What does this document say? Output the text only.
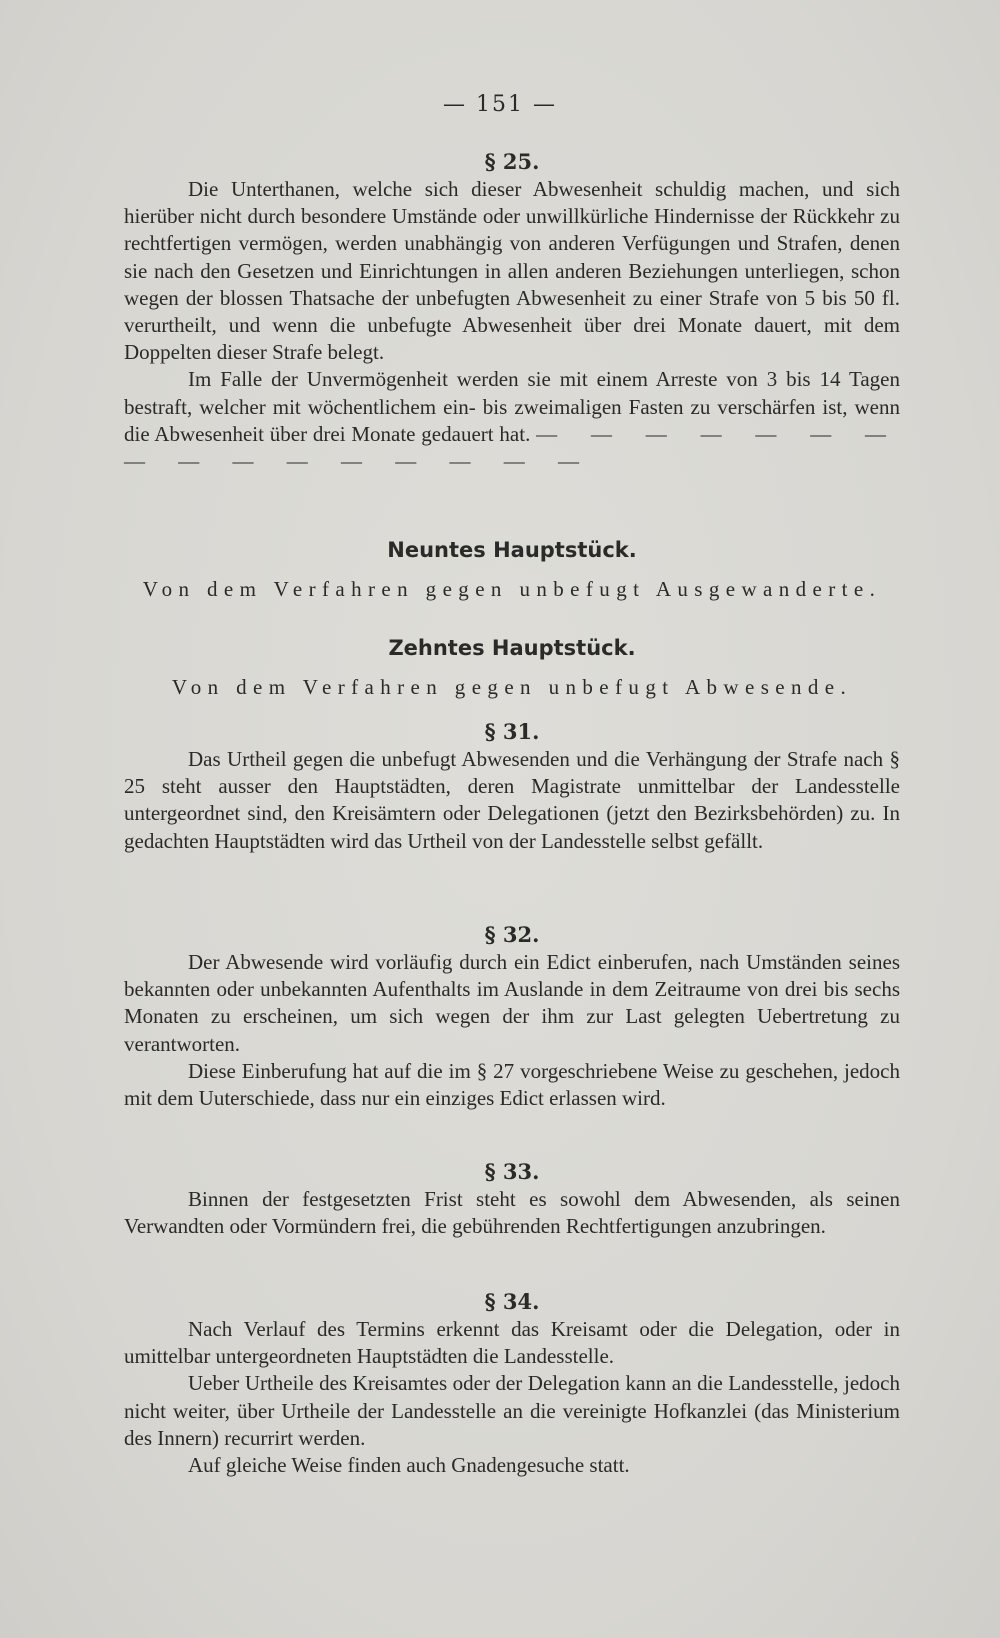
— 151 —
§ 25.

Die Unterthanen, welche sich dieser Abwesenheit schuldig machen, und sich hierüber nicht durch besondere Umstände oder unwillkürliche Hindernisse der Rückkehr zu rechtfertigen vermögen, werden unabhängig von anderen Verfügungen und Strafen, denen sie nach den Gesetzen und Einrichtungen in allen anderen Beziehungen unterliegen, schon wegen der blossen Thatsache der unbefugten Abwesenheit zu einer Strafe von 5 bis 50 fl. verurtheilt, und wenn die unbefugte Abwesenheit über drei Monate dauert, mit dem Doppelten dieser Strafe belegt.

Im Falle der Unvermögenheit werden sie mit einem Arreste von 3 bis 14 Tagen bestraft, welcher mit wöchentlichem ein- bis zweimaligen Fasten zu verschärfen ist, wenn die Abwesenheit über drei Monate gedauert hat. — — — — — — — — — — — — — — — —

Neuntes Hauptstück.
Von dem Verfahren gegen unbefugt Ausgewanderte.
Zehntes Hauptstück.
Von dem Verfahren gegen unbefugt Abwesende.
§ 31.

Das Urtheil gegen die unbefugt Abwesenden und die Verhängung der Strafe nach § 25 steht ausser den Hauptstädten, deren Magistrate unmittelbar der Landesstelle untergeordnet sind, den Kreisämtern oder Delegationen (jetzt den Bezirksbehörden) zu. In gedachten Hauptstädten wird das Urtheil von der Landesstelle selbst gefällt.

§ 32.

Der Abwesende wird vorläufig durch ein Edict einberufen, nach Umständen seines bekannten oder unbekannten Aufenthalts im Auslande in dem Zeitraume von drei bis sechs Monaten zu erscheinen, um sich wegen der ihm zur Last gelegten Uebertretung zu verantworten.

Diese Einberufung hat auf die im § 27 vorgeschriebene Weise zu geschehen, jedoch mit dem Uuterschiede, dass nur ein einziges Edict erlassen wird.

§ 33.

Binnen der festgesetzten Frist steht es sowohl dem Abwesenden, als seinen Verwandten oder Vormündern frei, die gebührenden Rechtfertigungen anzubringen.

§ 34.

Nach Verlauf des Termins erkennt das Kreisamt oder die Delegation, oder in umittelbar untergeordneten Hauptstädten die Landesstelle.

Ueber Urtheile des Kreisamtes oder der Delegation kann an die Landesstelle, jedoch nicht weiter, über Urtheile der Landesstelle an die vereinigte Hofkanzlei (das Ministerium des Innern) recurrirt werden.

Auf gleiche Weise finden auch Gnadengesuche statt.
